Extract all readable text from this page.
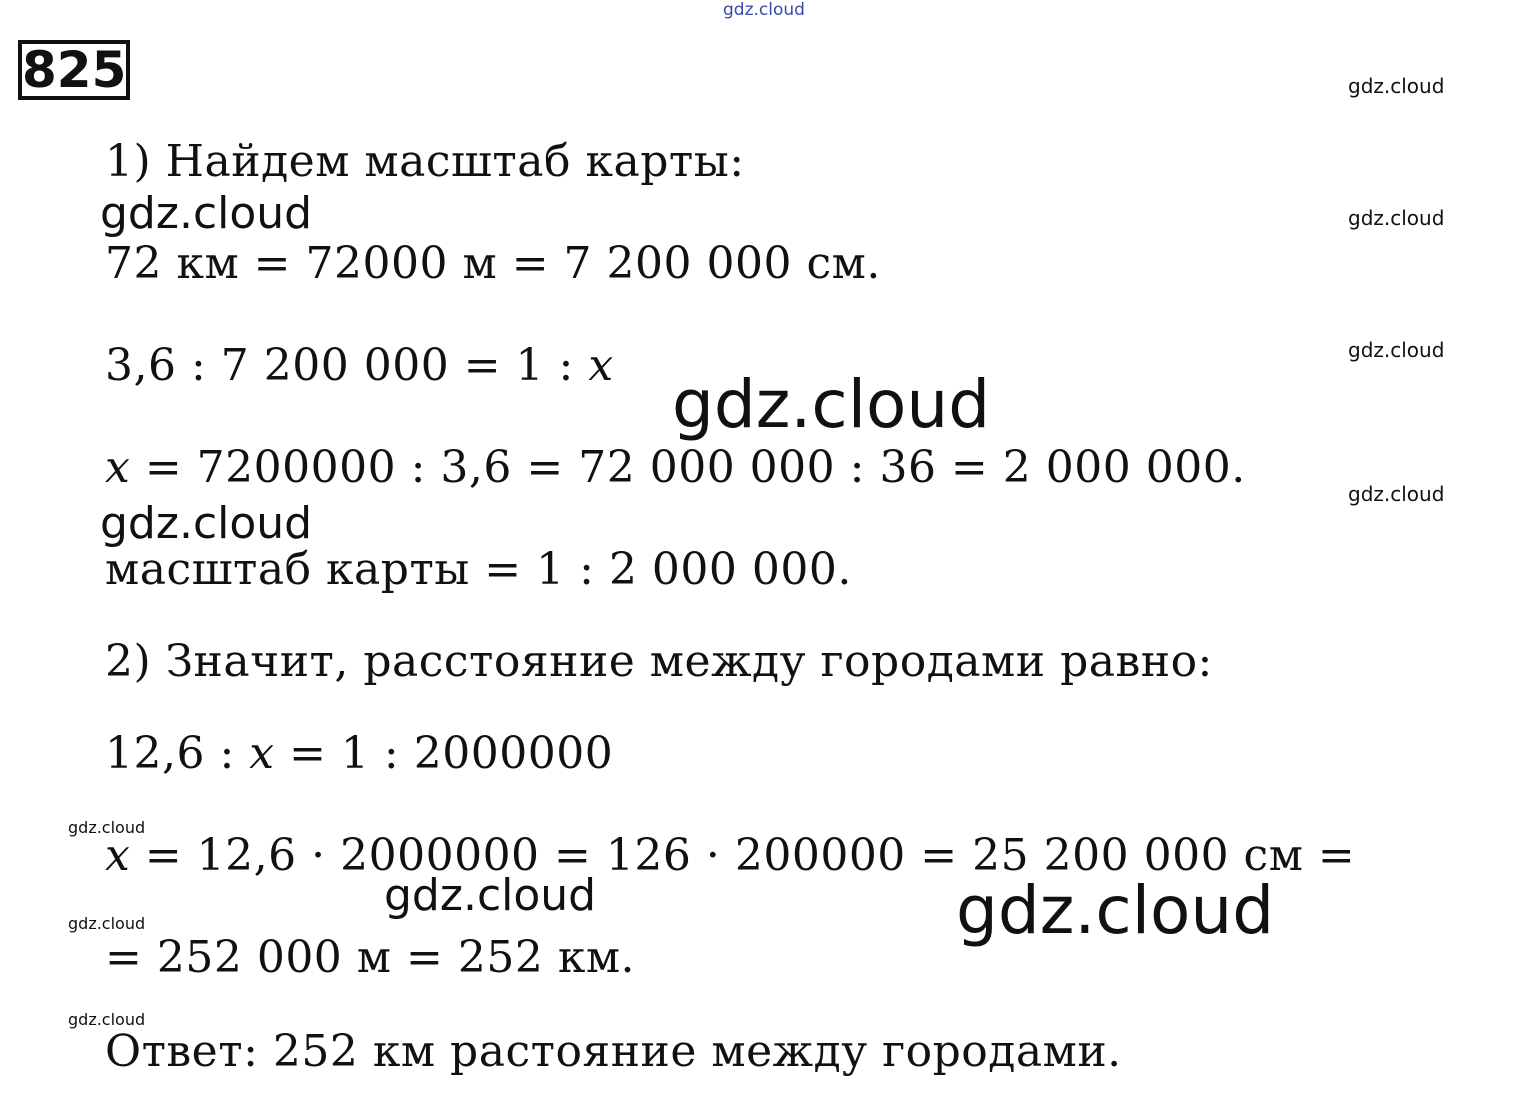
825
gdz.cloud
gdz.cloud
gdz.cloud
gdz.cloud
gdz.cloud
gdz.cloud
gdz.cloud
gdz.cloud
gdz.cloud
gdz.cloud
gdz.cloud
gdz.cloud	gdz.cloud
1) Найдем масштаб карты:
72 км = 72000 м = 7 200 000 см.
3,6 : 7 200 000 = 1 : x
x = 7200000 : 3,6 = 72 000 000 : 36 = 2 000 000.
масштаб карты = 1 : 2 000 000.
2) Значит, расстояние между городами равно:
12,6 : x = 1 : 2000000
x = 12,6 · 2000000 = 126 · 200000 = 25 200 000 см =
= 252 000 м = 252 км.
Ответ: 252 км растояние между городами.
